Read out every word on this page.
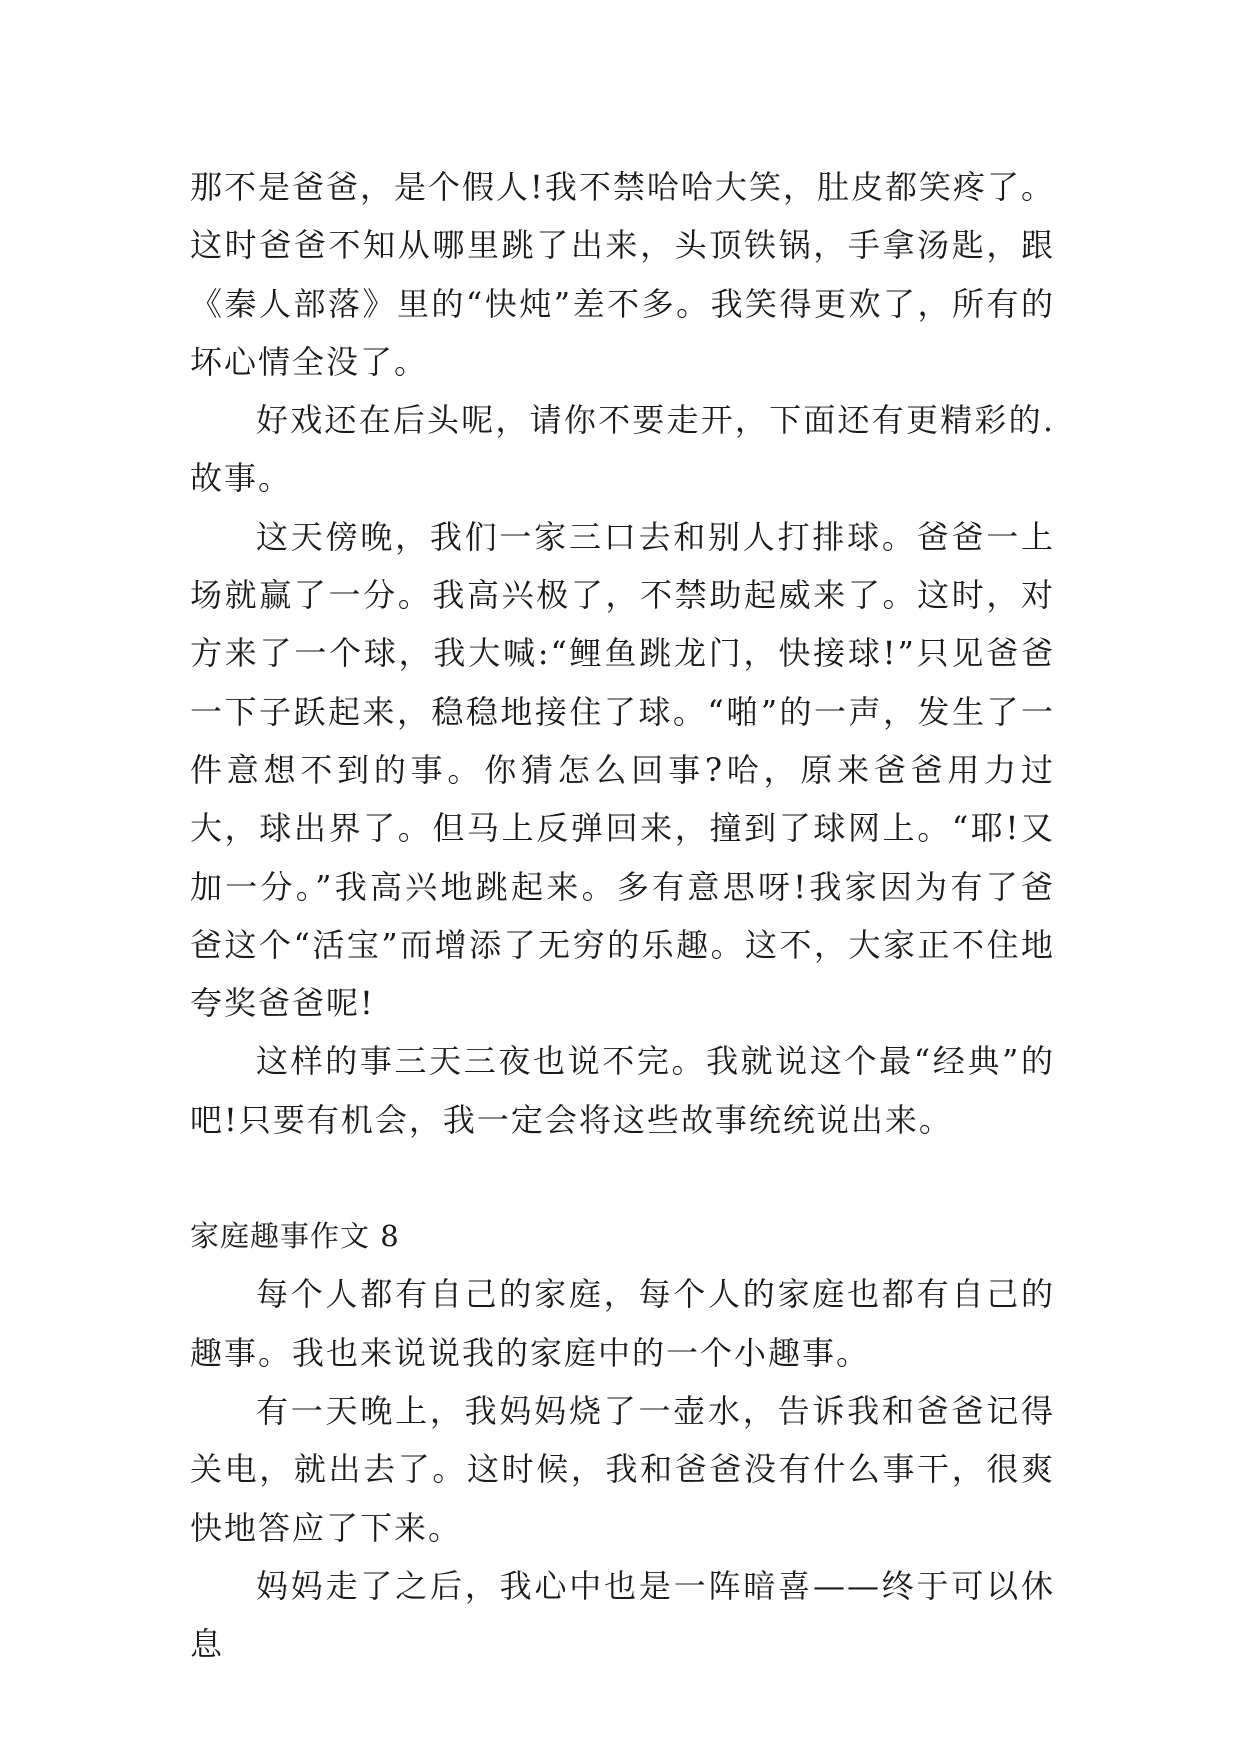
那不是爸爸，是个假人!我不禁哈哈大笑，肚皮都笑疼了。这时爸爸不知从哪里跳了出来，头顶铁锅，手拿汤匙，跟《秦人部落》里的“快炖”差不多。我笑得更欢了，所有的坏心情全没了。

好戏还在后头呢，请你不要走开，下面还有更精彩的.故事。

这天傍晚，我们一家三口去和别人打排球。爸爸一上场就赢了一分。我高兴极了，不禁助起威来了。这时，对方来了一个球，我大喊:“鲤鱼跳龙门，快接球!”只见爸爸一下子跃起来，稳稳地接住了球。“啪”的一声，发生了一件意想不到的事。你猜怎么回事?哈，原来爸爸用力过大，球出界了。但马上反弹回来，撞到了球网上。“耶!又加一分。”我高兴地跳起来。多有意思呀!我家因为有了爸爸这个“活宝”而增添了无穷的乐趣。这不，大家正不住地夸奖爸爸呢!

这样的事三天三夜也说不完。我就说这个最“经典”的吧!只要有机会，我一定会将这些故事统统说出来。

家庭趣事作文 8

每个人都有自己的家庭，每个人的家庭也都有自己的趣事。我也来说说我的家庭中的一个小趣事。

有一天晚上，我妈妈烧了一壶水，告诉我和爸爸记得关电，就出去了。这时候，我和爸爸没有什么事干，很爽快地答应了下来。

妈妈走了之后，我心中也是一阵暗喜——终于可以休息
